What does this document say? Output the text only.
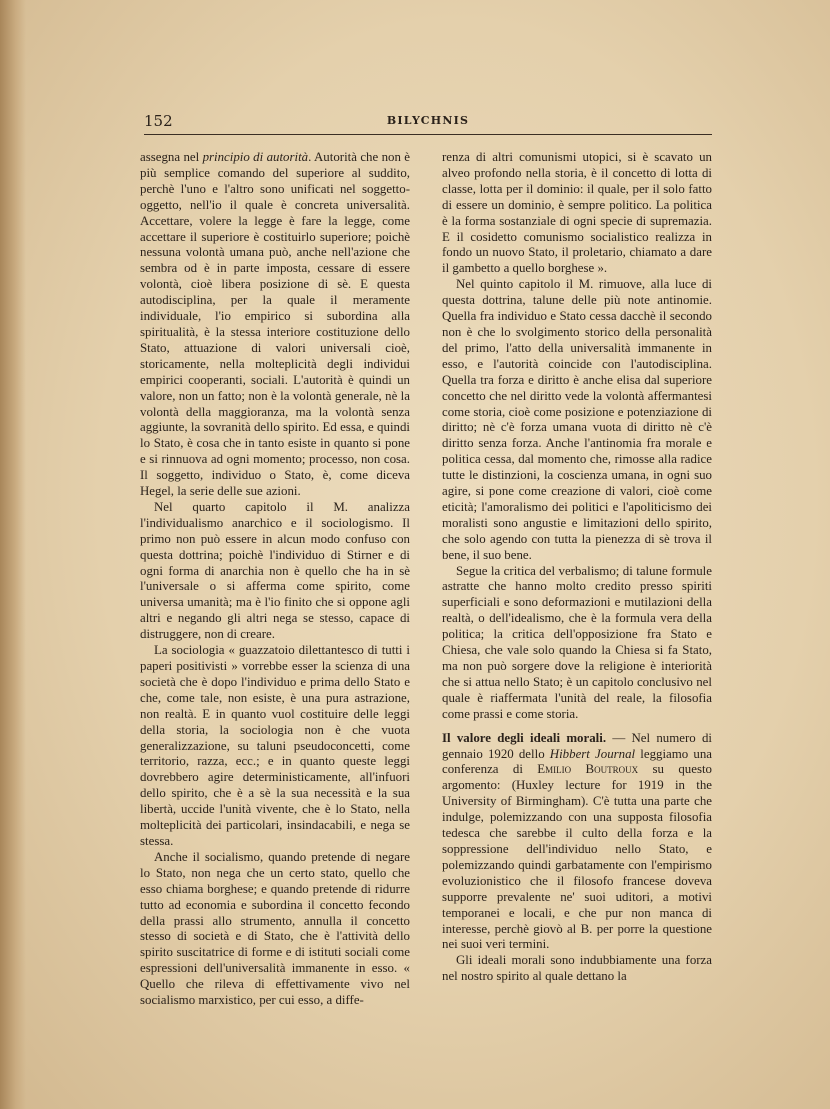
152	BILYCHNIS

assegna nel principio di autorità. Autorità che non è più semplice comando del superiore al suddito, perchè l'uno e l'altro sono unificati nel soggetto-oggetto, nell'io il quale è concreta universalità. Accettare, volere la legge è fare la legge, come accettare il superiore è costituirlo superiore; poichè nessuna volontà umana può, anche nell'azione che sembra od è in parte imposta, cessare di essere volontà, cioè libera posizione di sè. E questa autodisciplina, per la quale il meramente individuale, l'io empirico si subordina alla spiritualità, è la stessa interiore costituzione dello Stato, attuazione di valori universali cioè, storicamente, nella molteplicità degli individui empirici cooperanti, sociali. L'autorità è quindi un valore, non un fatto; non è la volontà generale, nè la volontà della maggioranza, ma la volontà senza aggiunte, la sovranità dello spirito. Ed essa, e quindi lo Stato, è cosa che in tanto esiste in quanto si pone e si rinnuova ad ogni momento; processo, non cosa. Il soggetto, individuo o Stato, è, come diceva Hegel, la serie delle sue azioni.

Nel quarto capitolo il M. analizza l'individualismo anarchico e il sociologismo. Il primo non può essere in alcun modo confuso con questa dottrina; poichè l'individuo di Stirner e di ogni forma di anarchia non è quello che ha in sè l'universale o si afferma come spirito, come universa umanità; ma è l'io finito che si oppone agli altri e negando gli altri nega se stesso, capace di distruggere, non di creare.

La sociologia « guazzatoio dilettantesco di tutti i paperi positivisti » vorrebbe esser la scienza di una società che è dopo l'individuo e prima dello Stato e che, come tale, non esiste, è una pura astrazione, non realtà. E in quanto vuol costituire delle leggi della storia, la sociologia non è che vuota generalizzazione, su taluni pseudoconcetti, come territorio, razza, ecc.; e in quanto queste leggi dovrebbero agire deterministicamente, all'infuori dello spirito, che è a sè la sua necessità e la sua libertà, uccide l'unità vivente, che è lo Stato, nella molteplicità dei particolari, insindacabili, e nega se stessa.

Anche il socialismo, quando pretende di negare lo Stato, non nega che un certo stato, quello che esso chiama borghese; e quando pretende di ridurre tutto ad economia e subordina il concetto fecondo della prassi allo strumento, annulla il concetto stesso di società e di Stato, che è l'attività dello spirito suscitatrice di forme e di istituti sociali come espressioni dell'universalità immanente in esso. « Quello che rileva di effettivamente vivo nel socialismo marxistico, per cui esso, a diffe-

renza di altri comunismi utopici, si è scavato un alveo profondo nella storia, è il concetto di lotta di classe, lotta per il dominio: il quale, per il solo fatto di essere un dominio, è sempre politico. La politica è la forma sostanziale di ogni specie di supremazia. E il cosidetto comunismo socialistico realizza in fondo un nuovo Stato, il proletario, chiamato a dare il gambetto a quello borghese ».

Nel quinto capitolo il M. rimuove, alla luce di questa dottrina, talune delle più note antinomie. Quella fra individuo e Stato cessa dacchè il secondo non è che lo svolgimento storico della personalità del primo, l'atto della universalità immanente in esso, e l'autorità coincide con l'autodisciplina. Quella tra forza e diritto è anche elisa dal superiore concetto che nel diritto vede la volontà affermantesi come storia, cioè come posizione e potenziazione di diritto; nè c'è forza umana vuota di diritto nè c'è diritto senza forza. Anche l'antinomia fra morale e politica cessa, dal momento che, rimosse alla radice tutte le distinzioni, la coscienza umana, in ogni suo agire, si pone come creazione di valori, cioè come eticità; l'amoralismo dei politici e l'apoliticismo dei moralisti sono angustie e limitazioni dello spirito, che solo agendo con tutta la pienezza di sè trova il bene, il suo bene.

Segue la critica del verbalismo; di talune formule astratte che hanno molto credito presso spiriti superficiali e sono deformazioni e mutilazioni della realtà, o dell'idealismo, che è la formula vera della politica; la critica dell'opposizione fra Stato e Chiesa, che vale solo quando la Chiesa si fa Stato, ma non può sorgere dove la religione è interiorità che si attua nello Stato; è un capitolo conclusivo nel quale è riaffermata l'unità del reale, la filosofia come prassi e come storia.

Il valore degli ideali morali. — Nel numero di gennaio 1920 dello Hibbert Journal leggiamo una conferenza di Emilio Boutroux su questo argomento: (Huxley lecture for 1919 in the University of Birmingham). C'è tutta una parte che indulge, polemizzando con una supposta filosofia tedesca che sarebbe il culto della forza e la soppressione dell'individuo nello Stato, e polemizzando quindi garbatamente con l'empirismo evoluzionistico che il filosofo francese doveva supporre prevalente ne' suoi uditori, a motivi temporanei e locali, e che pur non manca di interesse, perchè giovò al B. per porre la questione nei suoi veri termini.

Gli ideali morali sono indubbiamente una forza nel nostro spirito al quale dettano la
